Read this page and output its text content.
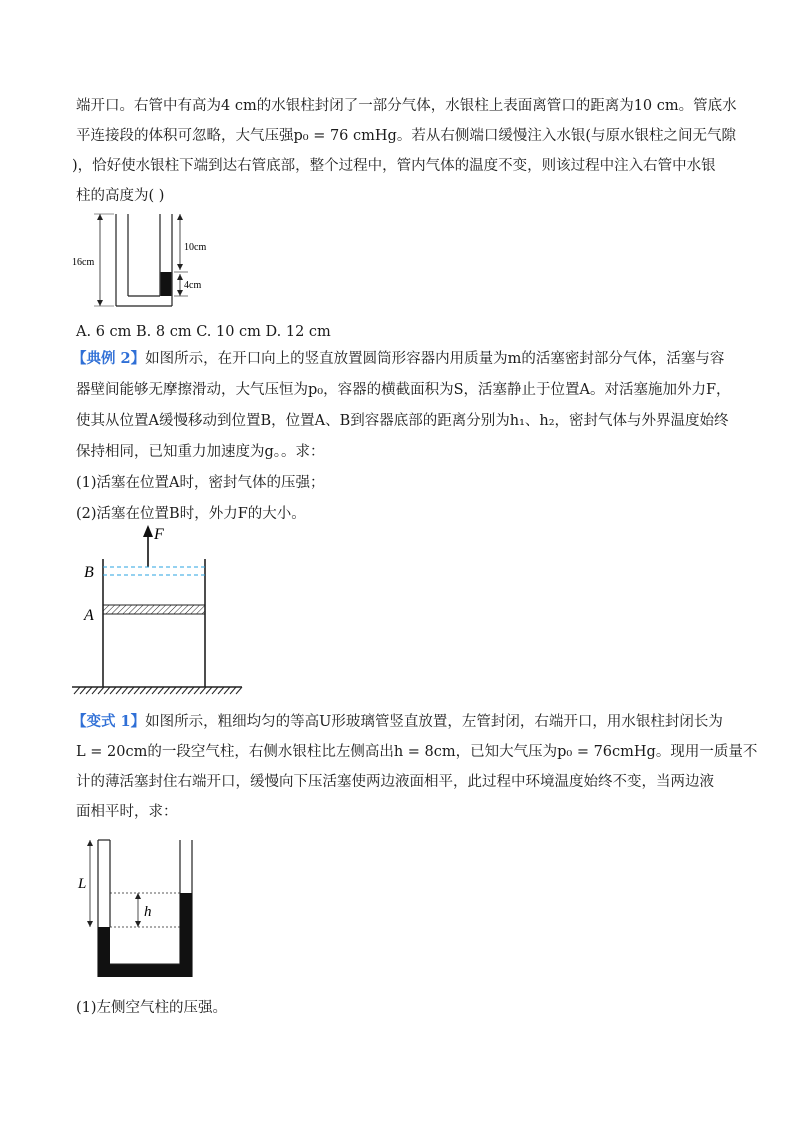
端开口。右管中有高为4 cm的水银柱封闭了一部分气体，水银柱上表面离管口的距离为10 cm。管底水
平连接段的体积可忽略，大气压强p₀ = 76 cmHg。若从右侧端口缓慢注入水银(与原水银柱之间无气隙
)，恰好使水银柱下端到达右管底部，整个过程中，管内气体的温度不变，则该过程中注入右管中水银
柱的高度为( )
16cm
10cm
4cm
A. 6 cm B. 8 cm C. 10 cm D. 12 cm
【典例 2】如图所示，在开口向上的竖直放置圆筒形容器内用质量为m的活塞密封部分气体，活塞与容
器壁间能够无摩擦滑动，大气压恒为p₀，容器的横截面积为S，活塞静止于位置A。对活塞施加外力F，
使其从位置A缓慢移动到位置B，位置A、B到容器底部的距离分别为h₁、h₂，密封气体与外界温度始终
保持相同，已知重力加速度为g。。求：
(1)活塞在位置A时，密封气体的压强；
(2)活塞在位置B时，外力F的大小。
F
B
A
【变式 1】如图所示，粗细均匀的等高U形玻璃管竖直放置，左管封闭，右端开口，用水银柱封闭长为
L = 20cm的一段空气柱，右侧水银柱比左侧高出h = 8cm，已知大气压为p₀ = 76cmHg。现用一质量不
计的薄活塞封住右端开口，缓慢向下压活塞使两边液面相平，此过程中环境温度始终不变，当两边液
面相平时，求：
L
h
(1)左侧空气柱的压强。
